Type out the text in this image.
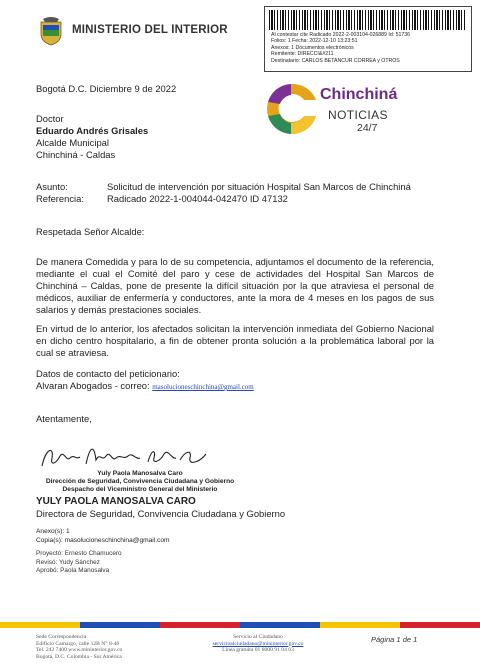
MINISTERIO DEL INTERIOR	Al contestar cite Radicado 2022-2-003104-026889 Id: 51736
Folios: 1 Fecha: 2022-12-10 13:23:51
Anexos: 1 Documentos electrónicos
Remitente: DIRECCI&#211
Destinatario: CARLOS BETANCUR CORREA y OTROS
Chinchiná
NOTICIAS
24/7
Bogotá D.C. Diciembre 9 de 2022
Doctor
Eduardo Andrés Grisales
Alcalde Municipal
Chinchiná - Caldas
Asunto:	Solicitud de intervención por situación Hospital San Marcos de Chinchiná
Referencia: Radicado 2022-1-004044-042470 ID 47132
Respetada Señor Alcalde:
De manera Comedida y para lo de su competencia, adjuntamos el documento de la referencia, mediante el cual el Comité del paro y cese de actividades del Hospital San Marcos de Chinchiná – Caldas, pone de presente la difícil situación por la que atraviesa el personal de médicos, auxiliar de enfermería y conductores, ante la mora de 4 meses en los pagos de sus salarios y demás prestaciones sociales.
En virtud de lo anterior, los afectados solicitan la intervención inmediata del Gobierno Nacional en dicho centro hospitalario, a fin de obtener pronta solución a la problemática laboral por la cual se atraviesa.
Datos de contacto del peticionario:
Alvaran Abogados - correo: masolucioneschinchina@gmail.com
Atentamente,
Yuly Paola Manosalva Caro
Dirección de Seguridad, Convivencia Ciudadana y Gobierno
Despacho del Viceministro General del Ministerio
YULY PAOLA MANOSALVA CARO
Directora de Seguridad, Convivencia Ciudadana y Gobierno
Anexo(s): 1
Copia(s): masolucioneschinchina@gmail.com
Proyectó: Ernesto Chamucero
Revisó: Yudy Sánchez
Aprobó: Paola Manosalva
Sede Correspondencia
Edificio Camargo, calle 12B N° 8-46
Tel. 242 7400 www.mininterior.gov.co
Bogotá, D.C. Colombia - Sur América
Servicio al Ciudadano
servicioalciudadano@mininterior.gov.co
Línea gratuita 01 8000 91 04 03
Página 1 de 1
